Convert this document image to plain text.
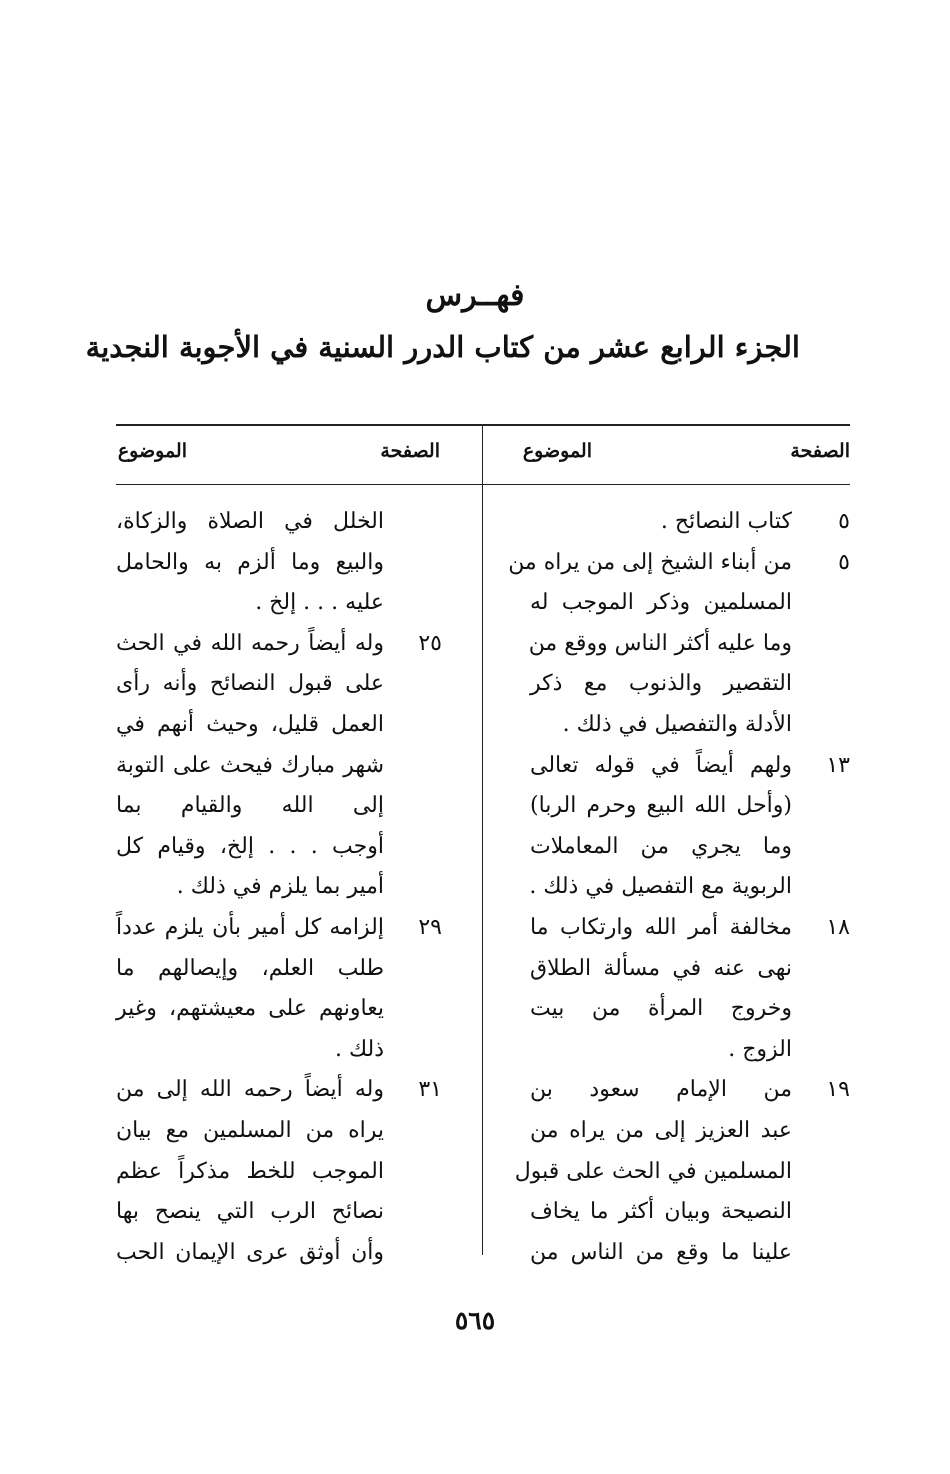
فهــرس
الجزء الرابع عشر من كتاب الدرر السنية في الأجوبة النجدية
الصفحة
الموضوع
الصفحة
الموضوع
٥
كتاب النصائح .
٥
من أبناء الشيخ إلى من يراه من
المسلمين وذكر الموجب له
وما عليه أكثر الناس ووقع من
التقصير والذنوب مع ذكر
الأدلة والتفصيل في ذلك .
١٣
ولهم أيضاً في قوله تعالى
(وأحل الله البيع وحرم الربا)
وما يجري من المعاملات
الربوية مع التفصيل في ذلك .
١٨
مخالفة أمر الله وارتكاب ما
نهى عنه في مسألة الطلاق
وخروج المرأة من بيت
الزوج .
١٩
من الإمام سعود بن
عبد العزيز إلى من يراه من
المسلمين في الحث على قبول
النصيحة وبيان أكثر ما يخاف
علينا ما وقع من الناس من
الخلل في الصلاة والزكاة،
والبيع وما ألزم به والحامل
عليه . . . إلخ .
٢٥
وله أيضاً رحمه الله في الحث
على قبول النصائح وأنه رأى
العمل قليل، وحيث أنهم في
شهر مبارك فيحث على التوبة
إلى الله والقيام بما
أوجب . . . إلخ، وقيام كل
أمير بما يلزم في ذلك .
٢٩
إلزامه كل أمير بأن يلزم عدداً
طلب العلم، وإيصالهم ما
يعاونهم على معيشتهم، وغير
ذلك .
٣١
وله أيضاً رحمه الله إلى من
يراه من المسلمين مع بيان
الموجب للخط مذكراً عظم
نصائح الرب التي ينصح بها
وأن أوثق عرى الإيمان الحب
٥٦٥
